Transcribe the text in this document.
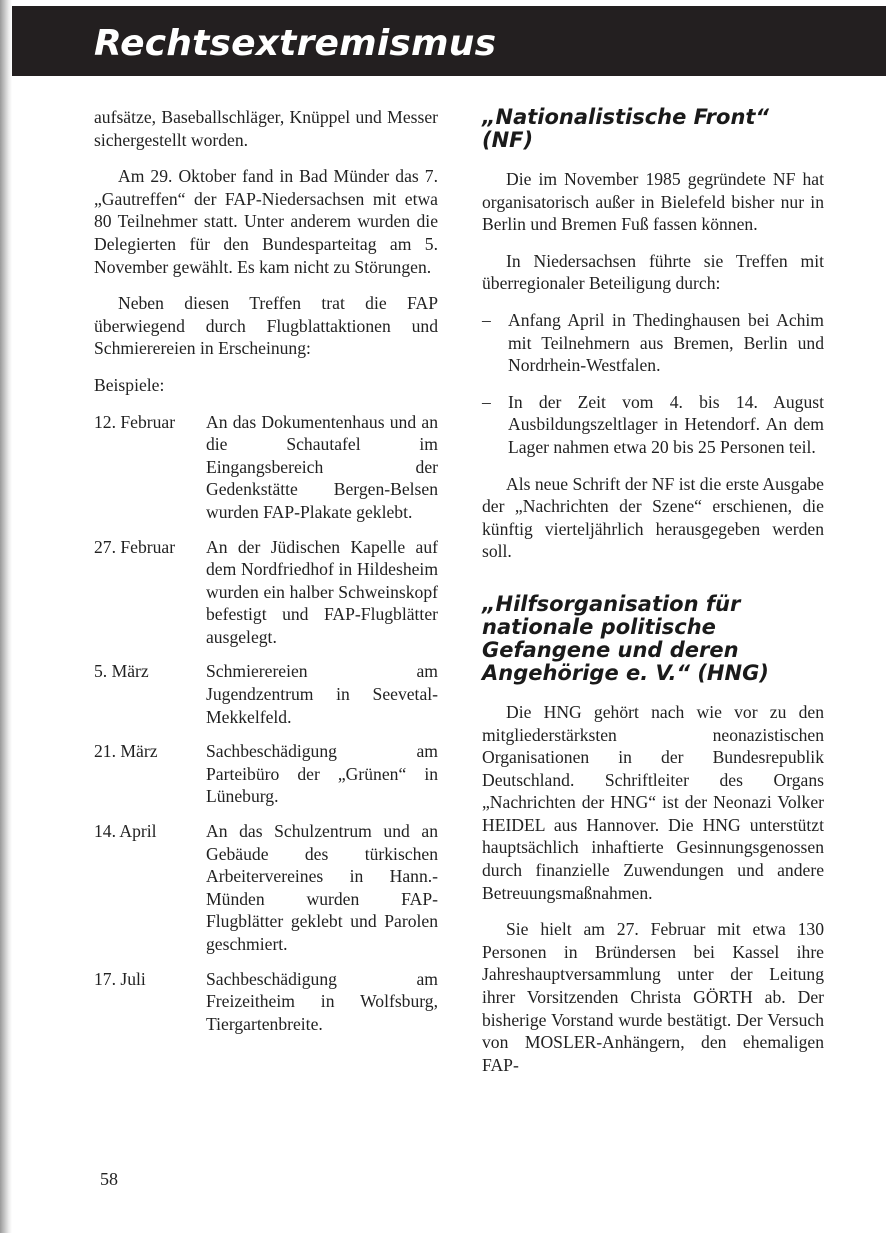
Rechtsextremismus

aufsätze, Baseballschläger, Knüppel und Messer sichergestellt worden.

Am 29. Oktober fand in Bad Münder das 7. „Gautreffen“ der FAP-Niedersachsen mit etwa 80 Teilnehmer statt. Unter anderem wurden die Delegierten für den Bundesparteitag am 5. November gewählt. Es kam nicht zu Störungen.

Neben diesen Treffen trat die FAP überwiegend durch Flugblattaktionen und Schmierereien in Erscheinung:

Beispiele:

12. Februar	An das Dokumentenhaus und an die Schautafel im Eingangsbereich der Gedenkstätte Bergen-Belsen wurden FAP-Plakate geklebt.
27. Februar	An der Jüdischen Kapelle auf dem Nordfriedhof in Hildesheim wurden ein halber Schweinskopf befestigt und FAP-Flugblätter ausgelegt.
5. März	Schmierereien am Jugendzentrum in Seevetal-Mekkelfeld.
21. März	Sachbeschädigung am Parteibüro der „Grünen“ in Lüneburg.
14. April	An das Schulzentrum und an Gebäude des türkischen Arbeitervereines in Hann.-Münden wurden FAP-Flugblätter geklebt und Parolen geschmiert.
17. Juli	Sachbeschädigung am Freizeitheim in Wolfsburg, Tiergartenbreite.
„Nationalistische Front“ (NF)

Die im November 1985 gegründete NF hat organisatorisch außer in Bielefeld bisher nur in Berlin und Bremen Fuß fassen können.

In Niedersachsen führte sie Treffen mit überregionaler Beteiligung durch:

– Anfang April in Thedinghausen bei Achim mit Teilnehmern aus Bremen, Berlin und Nordrhein-Westfalen.
– In der Zeit vom 4. bis 14. August Ausbildungszeltlager in Hetendorf. An dem Lager nahmen etwa 20 bis 25 Personen teil.

Als neue Schrift der NF ist die erste Ausgabe der „Nachrichten der Szene“ erschienen, die künftig vierteljährlich herausgegeben werden soll.

„Hilfsorganisation für nationale politische Gefangene und deren Angehörige e. V.“ (HNG)

Die HNG gehört nach wie vor zu den mitgliederstärksten neonazistischen Organisationen in der Bundesrepublik Deutschland. Schriftleiter des Organs „Nachrichten der HNG“ ist der Neonazi Volker HEIDEL aus Hannover. Die HNG unterstützt hauptsächlich inhaftierte Gesinnungsgenossen durch finanzielle Zuwendungen und andere Betreuungsmaßnahmen.

Sie hielt am 27. Februar mit etwa 130 Personen in Bründersen bei Kassel ihre Jahreshauptversammlung unter der Leitung ihrer Vorsitzenden Christa GÖRTH ab. Der bisherige Vorstand wurde bestätigt. Der Versuch von MOSLER-Anhängern, den ehemaligen FAP-

58
